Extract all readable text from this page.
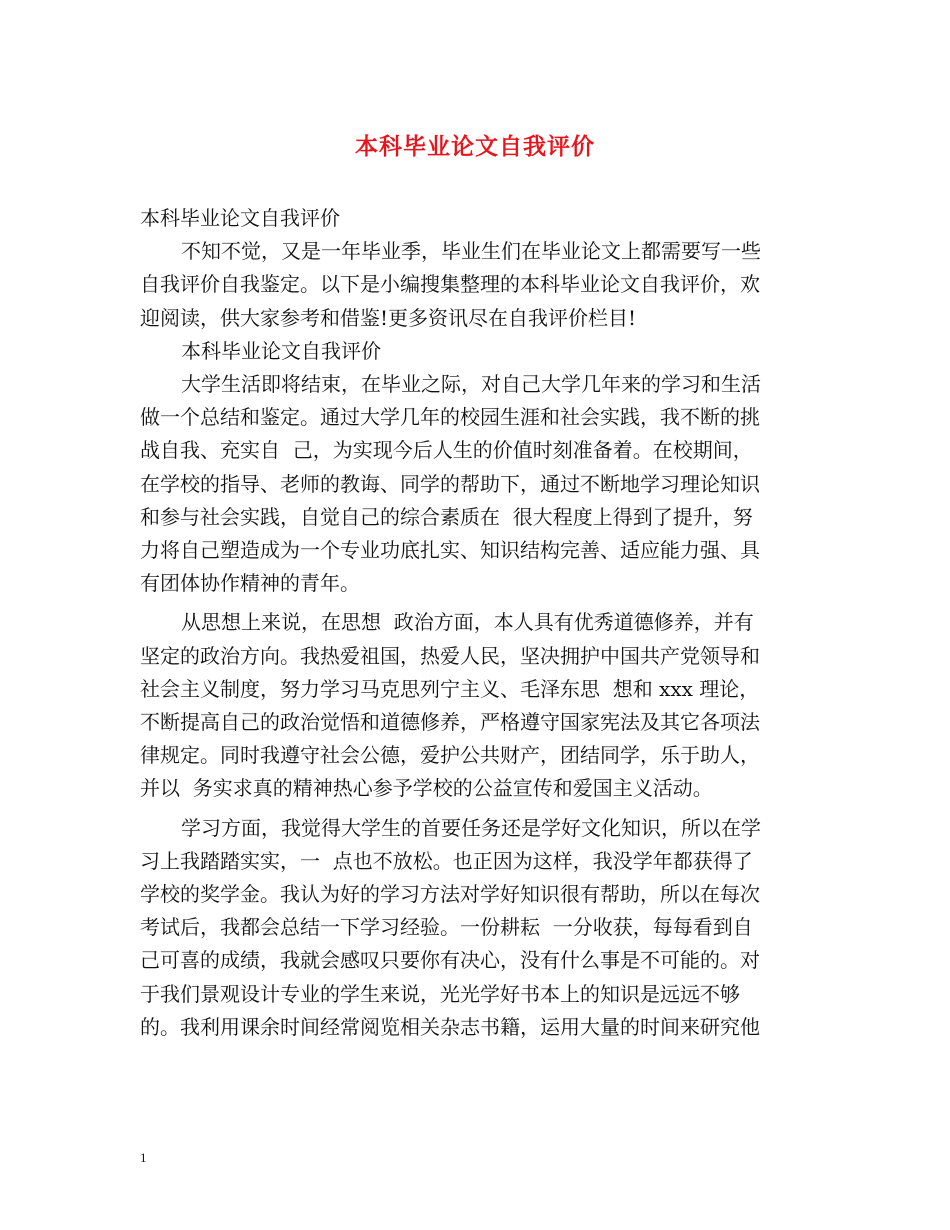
本科毕业论文自我评价
本科毕业论文自我评价
不知不觉，又是一年毕业季，毕业生们在毕业论文上都需要写一些
自我评价自我鉴定。以下是小编搜集整理的本科毕业论文自我评价，欢
迎阅读，供大家参考和借鉴!更多资讯尽在自我评价栏目!
本科毕业论文自我评价
大学生活即将结束，在毕业之际，对自己大学几年来的学习和生活
做一个总结和鉴定。通过大学几年的校园生涯和社会实践，我不断的挑
战自我、充实自  己，为实现今后人生的价值时刻准备着。在校期间，
在学校的指导、老师的教诲、同学的帮助下，通过不断地学习理论知识
和参与社会实践，自觉自己的综合素质在  很大程度上得到了提升，努
力将自己塑造成为一个专业功底扎实、知识结构完善、适应能力强、具
有团体协作精神的青年。
从思想上来说，在思想  政治方面，本人具有优秀道德修养，并有
坚定的政治方向。我热爱祖国，热爱人民，坚决拥护中国共产党领导和
社会主义制度，努力学习马克思列宁主义、毛泽东思  想和 xxx 理论，
不断提高自己的政治觉悟和道德修养，严格遵守国家宪法及其它各项法
律规定。同时我遵守社会公德，爱护公共财产，团结同学，乐于助人，
并以  务实求真的精神热心参予学校的公益宣传和爱国主义活动。
学习方面，我觉得大学生的首要任务还是学好文化知识，所以在学
习上我踏踏实实，一  点也不放松。也正因为这样，我没学年都获得了
学校的奖学金。我认为好的学习方法对学好知识很有帮助，所以在每次
考试后，我都会总结一下学习经验。一份耕耘  一分收获，每每看到自
己可喜的成绩，我就会感叹只要你有决心，没有什么事是不可能的。对
于我们景观设计专业的学生来说，光光学好书本上的知识是远远不够
的。我利用课余时间经常阅览相关杂志书籍，运用大量的时间来研究他
1
